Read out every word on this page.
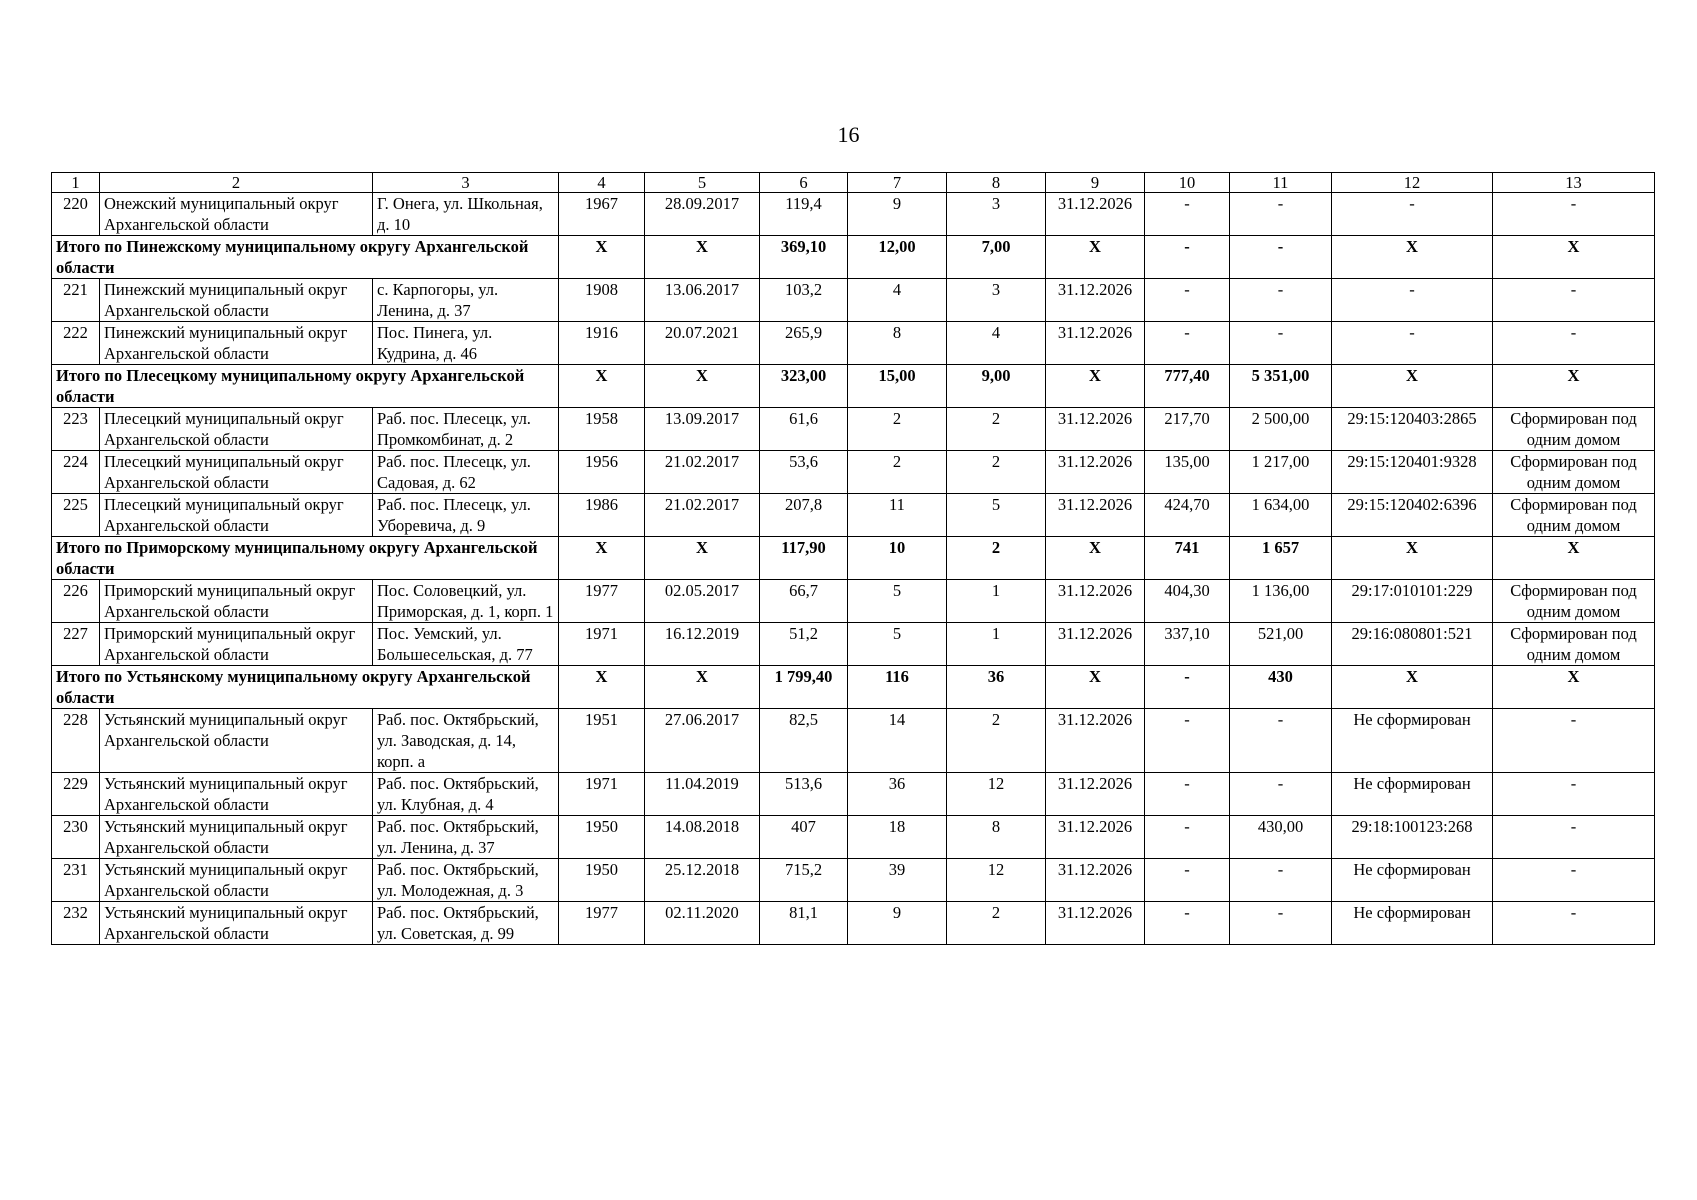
16
1	2	3	4	5	6	7	8	9	10	11	12	13
220	Онежский муниципальный округ Архангельской области	Г. Онега, ул. Школьная, д. 10	1967	28.09.2017	119,4	9	3	31.12.2026	-	-	-	-
Итого по Пинежскому муниципальному округу Архангельской области			X	X	369,10	12,00	7,00	X	-	-	X	X
221	Пинежский муниципальный округ Архангельской области	с. Карпогоры, ул. Ленина, д. 37	1908	13.06.2017	103,2	4	3	31.12.2026	-	-	-	-
222	Пинежский муниципальный округ Архангельской области	Пос. Пинега, ул. Кудрина, д. 46	1916	20.07.2021	265,9	8	4	31.12.2026	-	-	-	-
Итого по Плесецкому муниципальному округу Архангельской области			X	X	323,00	15,00	9,00	X	777,40	5 351,00	X	X
223	Плесецкий муниципальный округ Архангельской области	Раб. пос. Плесецк, ул. Промкомбинат, д. 2	1958	13.09.2017	61,6	2	2	31.12.2026	217,70	2 500,00	29:15:120403:2865	Сформирован под одним домом
224	Плесецкий муниципальный округ Архангельской области	Раб. пос. Плесецк, ул. Садовая, д. 62	1956	21.02.2017	53,6	2	2	31.12.2026	135,00	1 217,00	29:15:120401:9328	Сформирован под одним домом
225	Плесецкий муниципальный округ Архангельской области	Раб. пос. Плесецк, ул. Уборевича, д. 9	1986	21.02.2017	207,8	11	5	31.12.2026	424,70	1 634,00	29:15:120402:6396	Сформирован под одним домом
Итого по Приморскому муниципальному округу Архангельской области			X	X	117,90	10	2	X	741	1 657	X	X
226	Приморский муниципальный округ Архангельской области	Пос. Соловецкий, ул. Приморская, д. 1, корп. 1	1977	02.05.2017	66,7	5	1	31.12.2026	404,30	1 136,00	29:17:010101:229	Сформирован под одним домом
227	Приморский муниципальный округ Архангельской области	Пос. Уемский, ул. Большесельская, д. 77	1971	16.12.2019	51,2	5	1	31.12.2026	337,10	521,00	29:16:080801:521	Сформирован под одним домом
Итого по Устьянскому муниципальному округу Архангельской области			X	X	1 799,40	116	36	X	-	430	X	X
228	Устьянский муниципальный округ Архангельской области	Раб. пос. Октябрьский, ул. Заводская, д. 14, корп. а	1951	27.06.2017	82,5	14	2	31.12.2026	-	-	Не сформирован	-
229	Устьянский муниципальный округ Архангельской области	Раб. пос. Октябрьский, ул. Клубная, д. 4	1971	11.04.2019	513,6	36	12	31.12.2026	-	-	Не сформирован	-
230	Устьянский муниципальный округ Архангельской области	Раб. пос. Октябрьский, ул. Ленина, д. 37	1950	14.08.2018	407	18	8	31.12.2026	-	430,00	29:18:100123:268	-
231	Устьянский муниципальный округ Архангельской области	Раб. пос. Октябрьский, ул. Молодежная, д. 3	1950	25.12.2018	715,2	39	12	31.12.2026	-	-	Не сформирован	-
232	Устьянский муниципальный округ Архангельской области	Раб. пос. Октябрьский, ул. Советская, д. 99	1977	02.11.2020	81,1	9	2	31.12.2026	-	-	Не сформирован	-
